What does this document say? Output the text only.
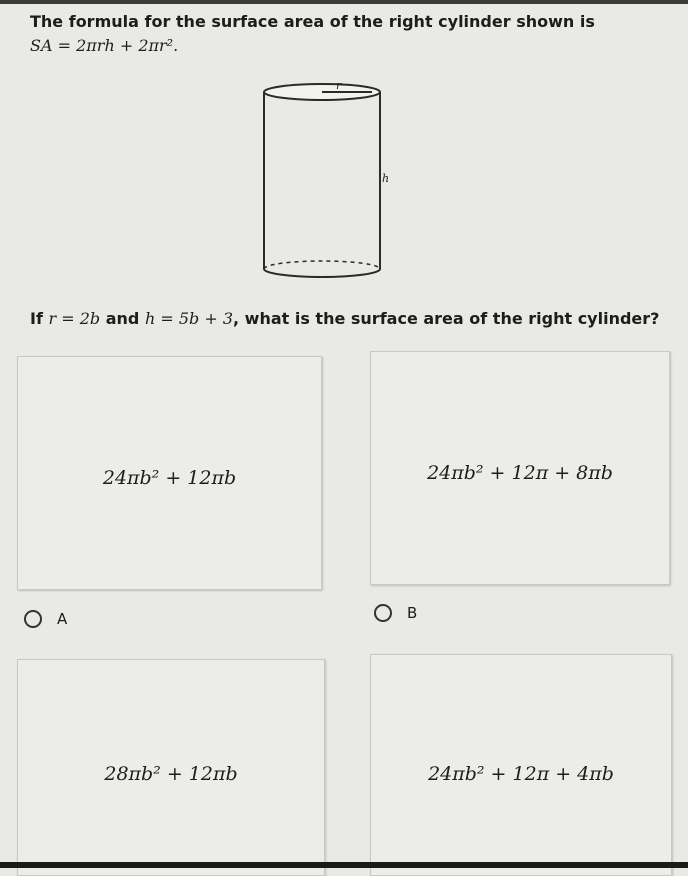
The formula for the surface area of the right cylinder shown is
SA = 2πrh + 2πr².
r
h
If r = 2b and h = 5b + 3, what is the surface area of the right cylinder?
24πb² + 12πb
A
24πb² + 12π + 8πb
B
28πb² + 12πb	24πb² + 12π + 4πb
